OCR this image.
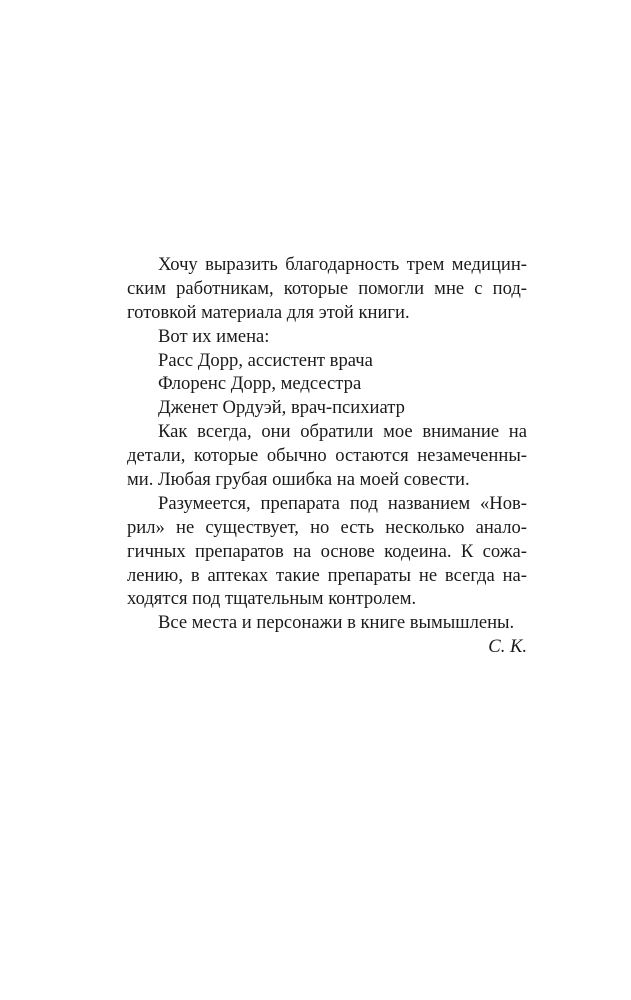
Хочу выразить благодарность трем медицин-
ским работникам, которые помогли мне с под-
готовкой материала для этой книги.
Вот их имена:
Расс Дорр, ассистент врача
Флоренс Дорр, медсестра
Дженет Ордуэй, врач-психиатр
Как всегда, они обратили мое внимание на
детали, которые обычно остаются незамеченны-
ми. Любая грубая ошибка на моей совести.
Разумеется, препарата под названием «Нов-
рил» не существует, но есть несколько анало-
гичных препаратов на основе кодеина. К сожа-
лению, в аптеках такие препараты не всегда на-
ходятся под тщательным контролем.
Все места и персонажи в книге вымышлены.
С. К.
